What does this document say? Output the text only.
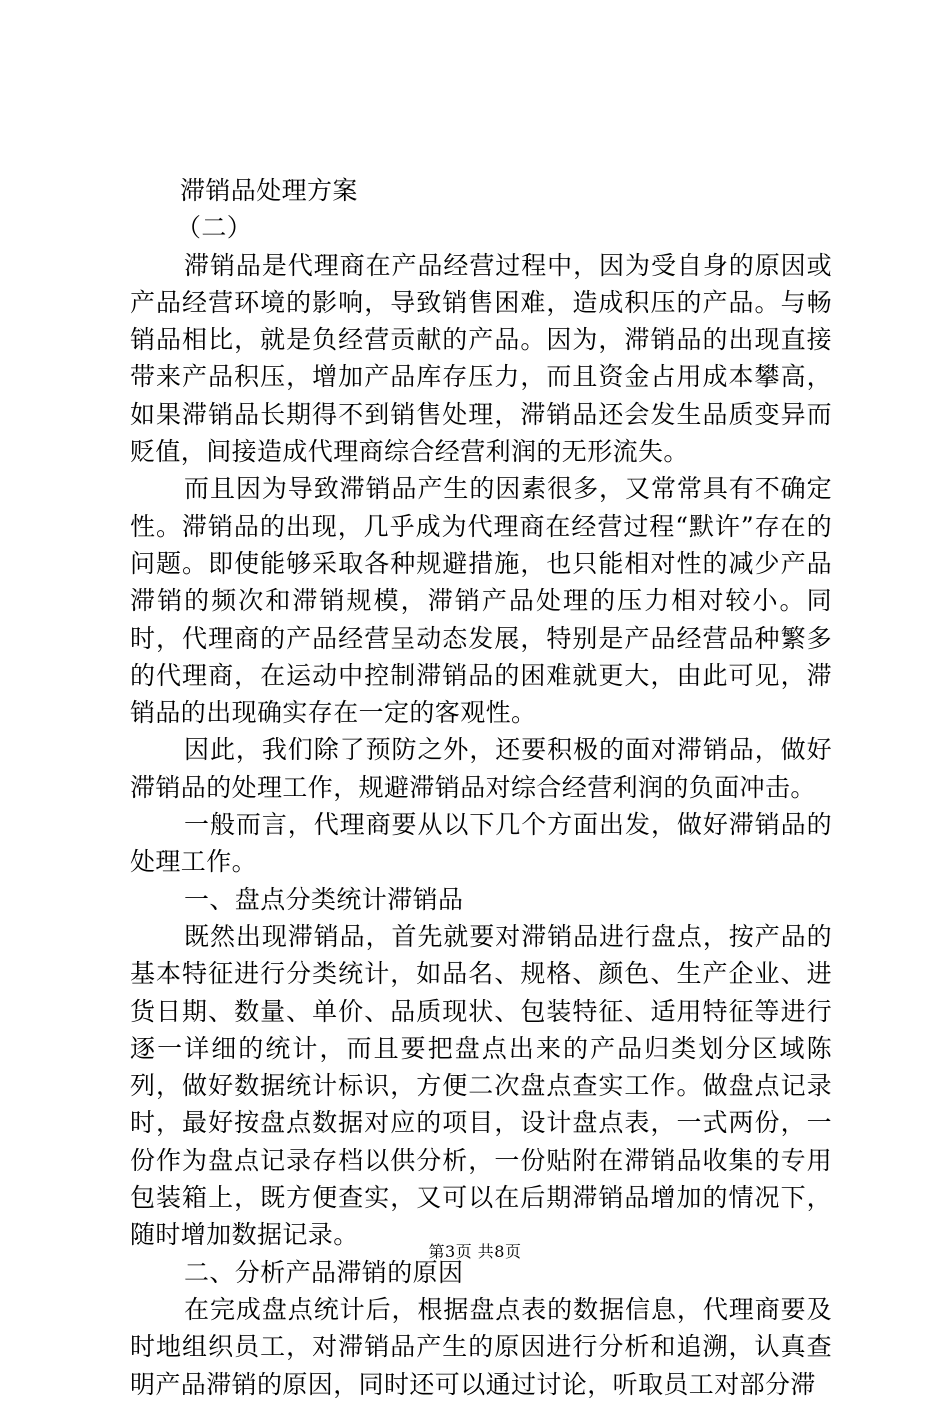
滞销品处理方案

（二）

滞销品是代理商在产品经营过程中，因为受自身的原因或产品经营环境的影响，导致销售困难，造成积压的产品。与畅销品相比，就是负经营贡献的产品。因为，滞销品的出现直接带来产品积压，增加产品库存压力，而且资金占用成本攀高，如果滞销品长期得不到销售处理，滞销品还会发生品质变异而贬值，间接造成代理商综合经营利润的无形流失。

而且因为导致滞销品产生的因素很多，又常常具有不确定性。滞销品的出现，几乎成为代理商在经营过程“默许”存在的问题。即使能够采取各种规避措施，也只能相对性的减少产品滞销的频次和滞销规模，滞销产品处理的压力相对较小。同时，代理商的产品经营呈动态发展，特别是产品经营品种繁多的代理商，在运动中控制滞销品的困难就更大，由此可见，滞销品的出现确实存在一定的客观性。

因此，我们除了预防之外，还要积极的面对滞销品，做好滞销品的处理工作，规避滞销品对综合经营利润的负面冲击。

一般而言，代理商要从以下几个方面出发，做好滞销品的处理工作。

一、盘点分类统计滞销品

既然出现滞销品，首先就要对滞销品进行盘点，按产品的基本特征进行分类统计，如品名、规格、颜色、生产企业、进货日期、数量、单价、品质现状、包装特征、适用特征等进行逐一详细的统计，而且要把盘点出来的产品归类划分区域陈列，做好数据统计标识，方便二次盘点查实工作。做盘点记录时，最好按盘点数据对应的项目，设计盘点表，一式两份，一份作为盘点记录存档以供分析，一份贴附在滞销品收集的专用包装箱上，既方便查实，又可以在后期滞销品增加的情况下，随时增加数据记录。

二、分析产品滞销的原因

在完成盘点统计后，根据盘点表的数据信息，代理商要及时地组织员工，对滞销品产生的原因进行分析和追溯，认真查明产品滞销的原因，同时还可以通过讨论，听取员工对部分滞

第3页 共8页
